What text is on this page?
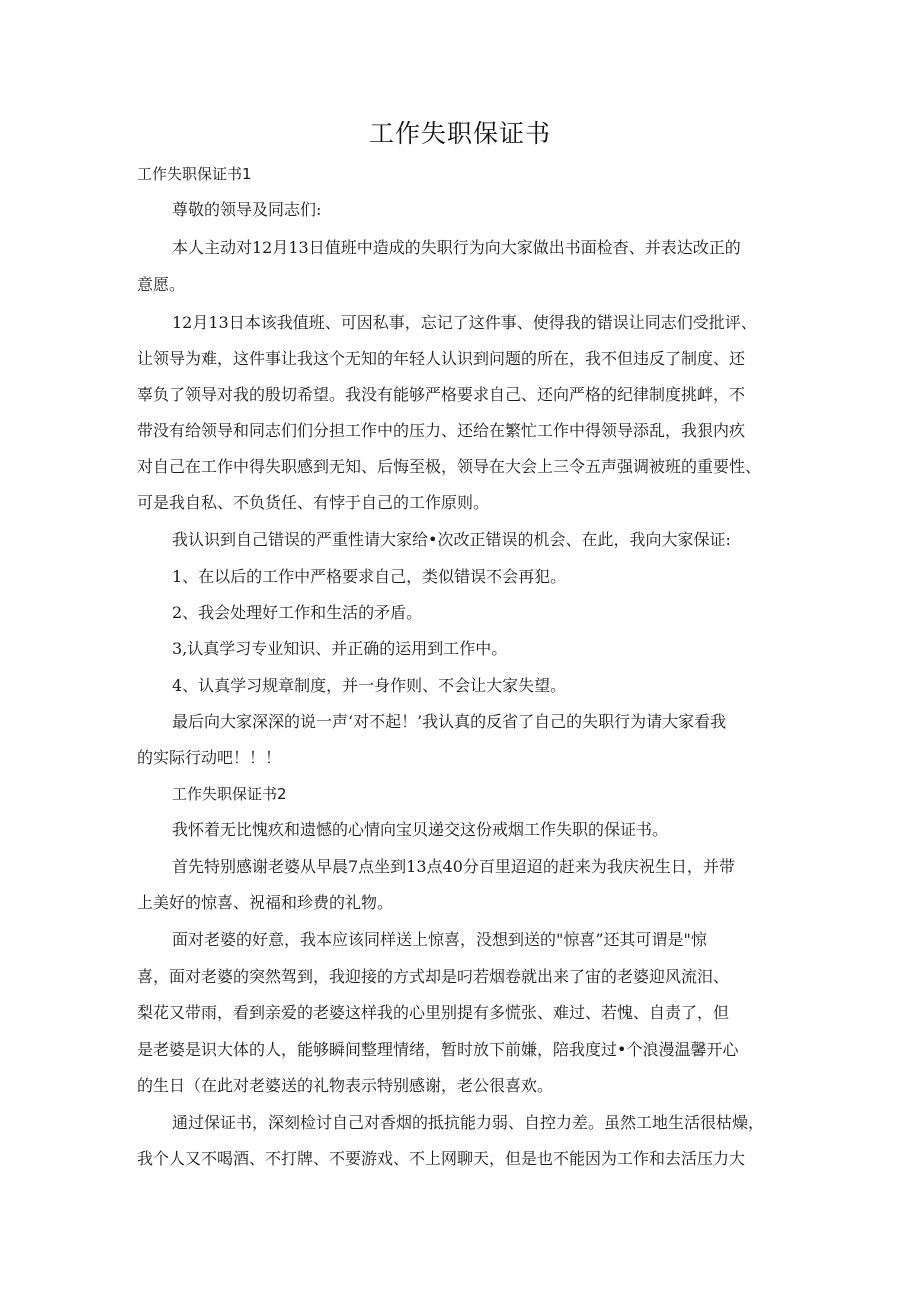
工作失职保证书
工作失职保证书1
尊敬的领导及同志们:
本人主动对12月13日值班中造成的失职行为向大家做出书面检杳、并表达改正的
意愿。
12月13日本该我值班、可因私事，忘记了这件事、使得我的错误让同志们受批评、
让领导为难，这件事让我这个无知的年轻人认识到问题的所在，我不但违反了制度、还
辜负了领导对我的殷切希望。我没有能够严格要求自己、还向严格的纪律制度挑衅，不
带没有给领导和同志们们分担工作中的压力、还给在繁忙工作中得领导添乱，我狠内疚
对自己在工作中得失职感到无知、后悔至极，领导在大会上三令五声强调被班的重要性、
可是我自私、不负货任、有悖于自己的工作原则。
我认识到自己错误的严重性请大家给•次改正错误的机会、在此，我向大家保证:
1、在以后的工作中严格要求自己，类似错误不会再犯。
2、我会处理好工作和生活的矛盾。
3,认真学习专业知识、并正确的运用到工作中。
4、认真学习规章制度，并一身作则、不会让大家失望。
最后向大家深深的说一声‘对不起！’我认真的反省了自己的失职行为请大家看我
的实际行动吧！！！
工作失职保证书2
我怀着无比愧疚和遗憾的心情向宝贝递交这份戒烟工作失职的保证书。
首先特别感谢老婆从早晨7点坐到13点40分百里迢迢的赶来为我庆祝生日，并带
上美好的惊喜、祝福和珍费的礼物。
面对老婆的好意，我本应该同样送上惊喜，没想到送的"惊喜”还其可谓是"惊
喜，面对老婆的突然驾到，我迎接的方式却是叼若烟卷就出来了宙的老婆迎风流汨、
梨花又带雨，看到亲爱的老婆这样我的心里别提有多慌张、难过、若愧、自责了，但
是老婆是识大体的人，能够瞬间整理情绪，暂时放下前嫌，陪我度过•个浪漫温馨开心
的生日（在此对老婆送的礼物表示特别感谢，老公很喜欢。
通过保证书，深刻检讨自己对香烟的抵抗能力弱、自控力差。虽然工地生活很枯燥，
我个人又不喝酒、不打牌、不要游戏、不上网聊天，但是也不能因为工作和去活压力大
